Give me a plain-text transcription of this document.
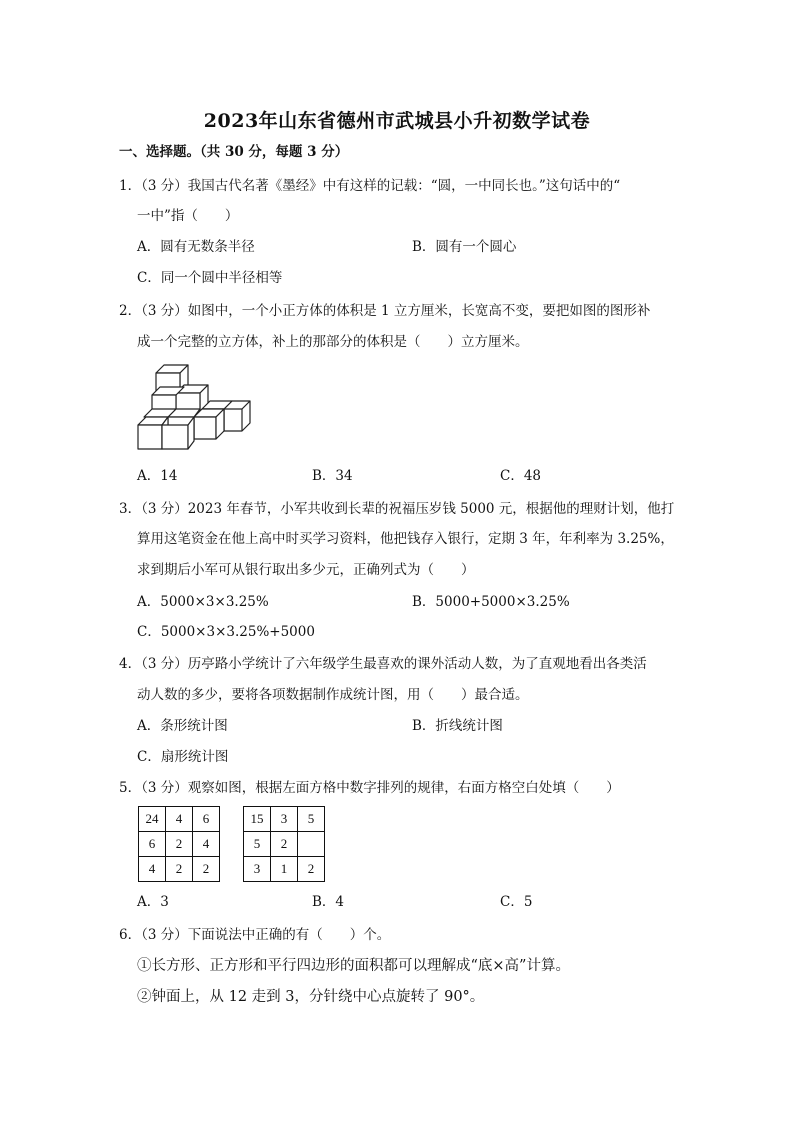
2023年山东省德州市武城县小升初数学试卷
一、选择题。（共 30 分，每题 3 分）
1．（3 分）我国古代名著《墨经》中有这样的记载：“圆，一中同长也。”这句话中的“
一中”指（　　）
A．圆有无数条半径	B．圆有一个圆心
C．同一个圆中半径相等
2．（3 分）如图中，一个小正方体的体积是 1 立方厘米，长宽高不变，要把如图的图形补
成一个完整的立方体，补上的那部分的体积是（　　）立方厘米。
A．14	B．34	C．48
3．（3 分）2023 年春节，小军共收到长辈的祝福压岁钱 5000 元，根据他的理财计划，他打
算用这笔资金在他上高中时买学习资料，他把钱存入银行，定期 3 年，年利率为 3.25%，
求到期后小军可从银行取出多少元，正确列式为（　　）
A．5000×3×3.25%	B．5000+5000×3.25%
C．5000×3×3.25%+5000
4．（3 分）历亭路小学统计了六年级学生最喜欢的课外活动人数，为了直观地看出各类活
动人数的多少，要将各项数据制作成统计图，用（　　）最合适。
A．条形统计图	B．折线统计图
C．扇形统计图
5．（3 分）观察如图，根据左面方格中数字排列的规律，右面方格空白处填（　　）
24	4	6
6	2	4
4	2	2
15	3	5
5	2	
3	1	2
A．3	B．4	C．5
6．（3 分）下面说法中正确的有（　　）个。
①长方形、正方形和平行四边形的面积都可以理解成“底×高”计算。
②钟面上，从 12 走到 3，分针绕中心点旋转了 90°。
